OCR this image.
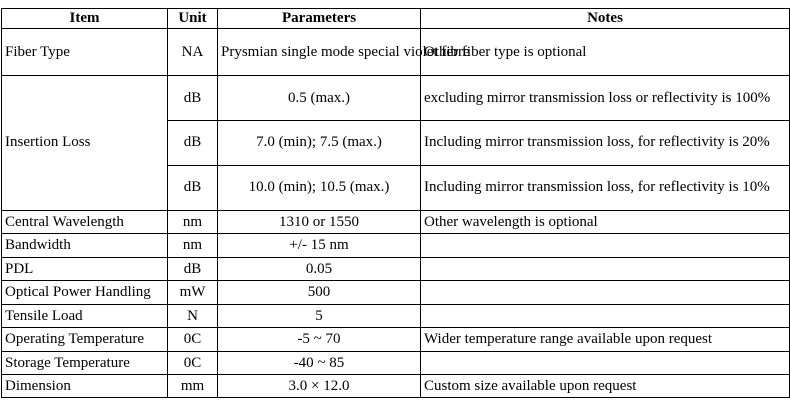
Item	Unit	Parameters	Notes
Fiber Type	NA	Prysmian single mode special violet fibre	Other fiber type is optional
Insertion Loss	dB	0.5 (max.)	excluding mirror transmission loss or reflectivity is 100%
	dB	7.0 (min); 7.5 (max.)	Including mirror transmission loss, for reflectivity is 20%
	dB	10.0 (min); 10.5 (max.)	Including mirror transmission loss, for reflectivity is 10%
Central Wavelength	nm	1310 or 1550	Other wavelength is optional
Bandwidth	nm	+/- 15 nm	
PDL	dB	0.05	
Optical Power Handling	mW	500	
Tensile Load	N	5	
Operating Temperature	0C	-5 ~ 70	Wider temperature range available upon request
Storage Temperature	0C	-40 ~ 85	
Dimension	mm	3.0 × 12.0	Custom size available upon request
